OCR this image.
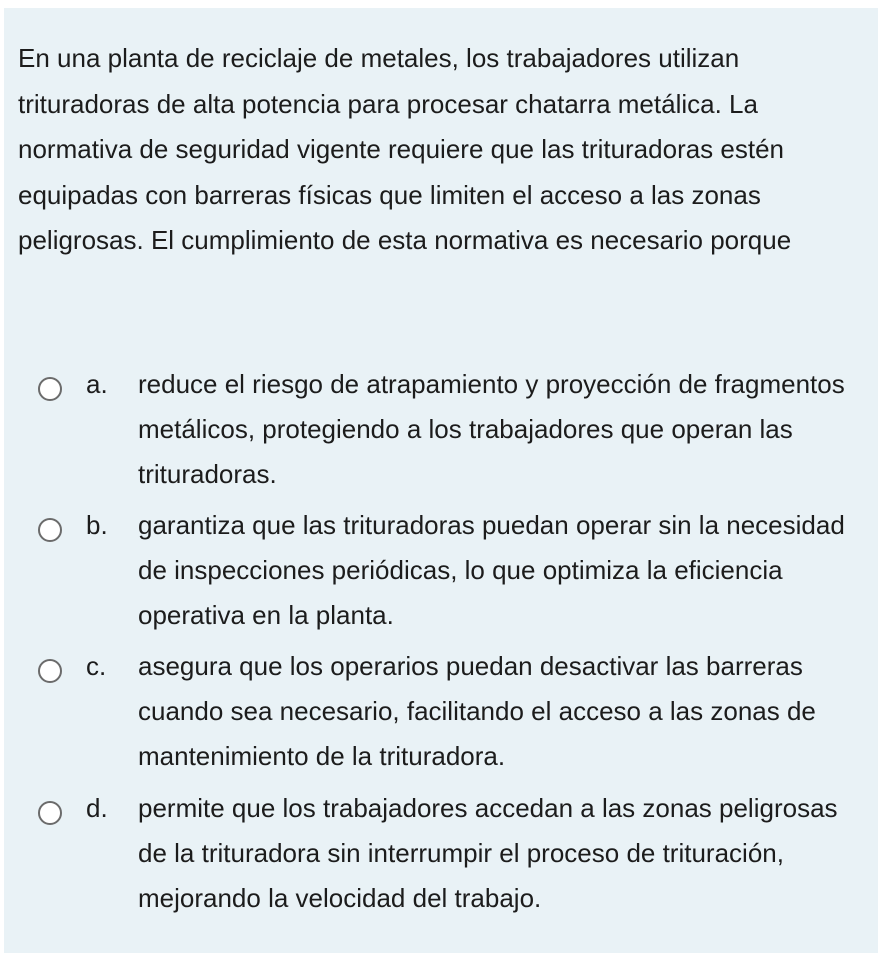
En una planta de reciclaje de metales, los trabajadores utilizan trituradoras de alta potencia para procesar chatarra metálica. La normativa de seguridad vigente requiere que las trituradoras estén equipadas con barreras físicas que limiten el acceso a las zonas peligrosas. El cumplimiento de esta normativa es necesario porque

a. reduce el riesgo de atrapamiento y proyección de fragmentos metálicos, protegiendo a los trabajadores que operan las trituradoras.

b. garantiza que las trituradoras puedan operar sin la necesidad de inspecciones periódicas, lo que optimiza la eficiencia operativa en la planta.

c. asegura que los operarios puedan desactivar las barreras cuando sea necesario, facilitando el acceso a las zonas de mantenimiento de la trituradora.

d. permite que los trabajadores accedan a las zonas peligrosas de la trituradora sin interrumpir el proceso de trituración, mejorando la velocidad del trabajo.
